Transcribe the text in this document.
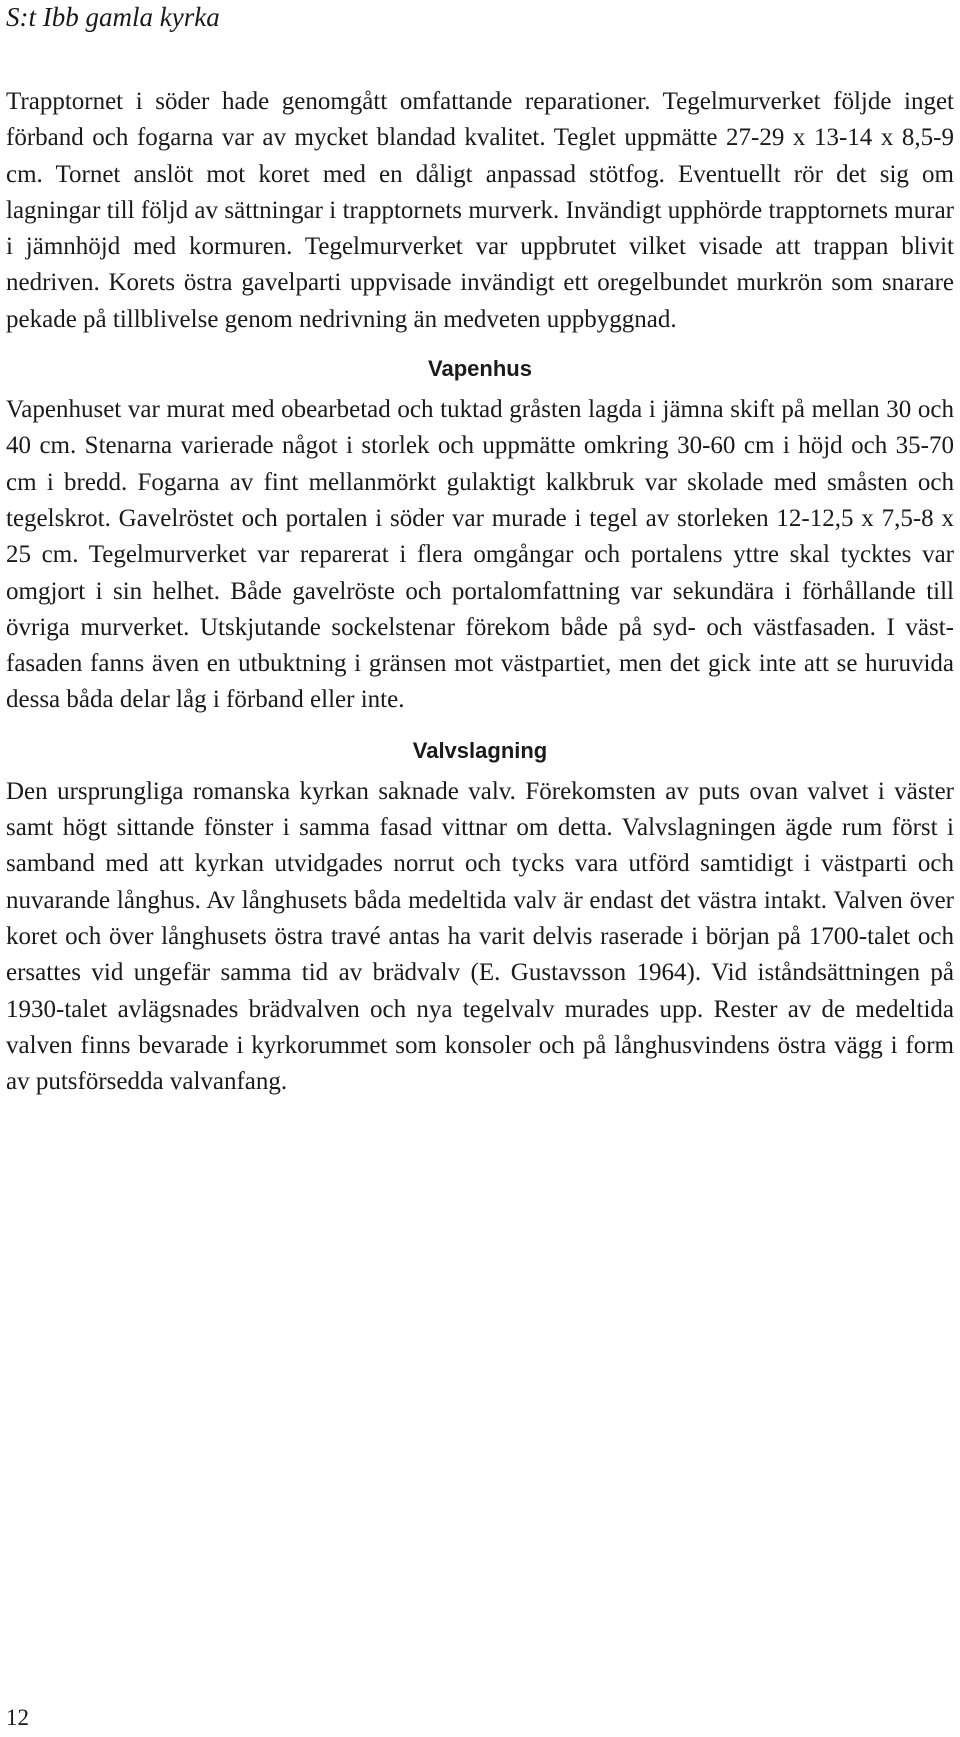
S:t Ibb gamla kyrka

Trapptornet i söder hade genomgått omfattande reparationer. Tegelmurverket följde inget förband och fogarna var av mycket blandad kvalitet. Teglet uppmätte 27-29 x 13-14 x 8,5-9 cm. Tornet anslöt mot koret med en dåligt anpassad stötfog. Eventuellt rör det sig om lagningar till följd av sättningar i trapptornets murverk. Invändigt upphörde trapptornets murar i jämnhöjd med kormuren. Tegelmurverket var uppbrutet vilket visade att trappan blivit nedriven. Korets östra gavelparti uppvisade invändigt ett oregelbundet murkrön som snarare pekade på tillblivelse genom nedrivning än medveten uppbyggnad.

Vapenhus

Vapenhuset var murat med obearbetad och tuktad gråsten lagda i jämna skift på mellan 30 och 40 cm. Stenarna varierade något i storlek och uppmätte omkring 30-60 cm i höjd och 35-70 cm i bredd. Fogarna av fint mellanmörkt gulaktigt kalkbruk var skolade med småsten och tegelskrot. Gavelröstet och portalen i söder var murade i tegel av storleken 12-12,5 x 7,5-8 x 25 cm. Tegelmurverket var reparerat i flera omgångar och portalens yttre skal tycktes var omgjort i sin helhet. Både gavelröste och portalomfattning var sekundära i förhållande till övriga murverket. Utskjutande sockelstenar förekom både på syd- och västfasaden. I västfasaden fanns även en utbuktning i gränsen mot västpartiet, men det gick inte att se huruvida dessa båda delar låg i förband eller inte.

Valvslagning

Den ursprungliga romanska kyrkan saknade valv. Förekomsten av puts ovan valvet i väster samt högt sittande fönster i samma fasad vittnar om detta. Valvslagningen ägde rum först i samband med att kyrkan utvidgades norrut och tycks vara utförd samtidigt i västparti och nuvarande långhus. Av långhusets båda medeltida valv är endast det västra intakt. Valven över koret och över långhusets östra travé antas ha varit delvis raserade i början på 1700-talet och ersattes vid ungefär samma tid av brädvalv (E. Gustavsson 1964). Vid iståndsättningen på 1930-talet avlägsnades brädvalven och nya tegelvalv murades upp. Rester av de medeltida valven finns bevarade i kyrkorummet som konsoler och på långhusvindens östra vägg i form av putsförsedda valvanfang.

12
